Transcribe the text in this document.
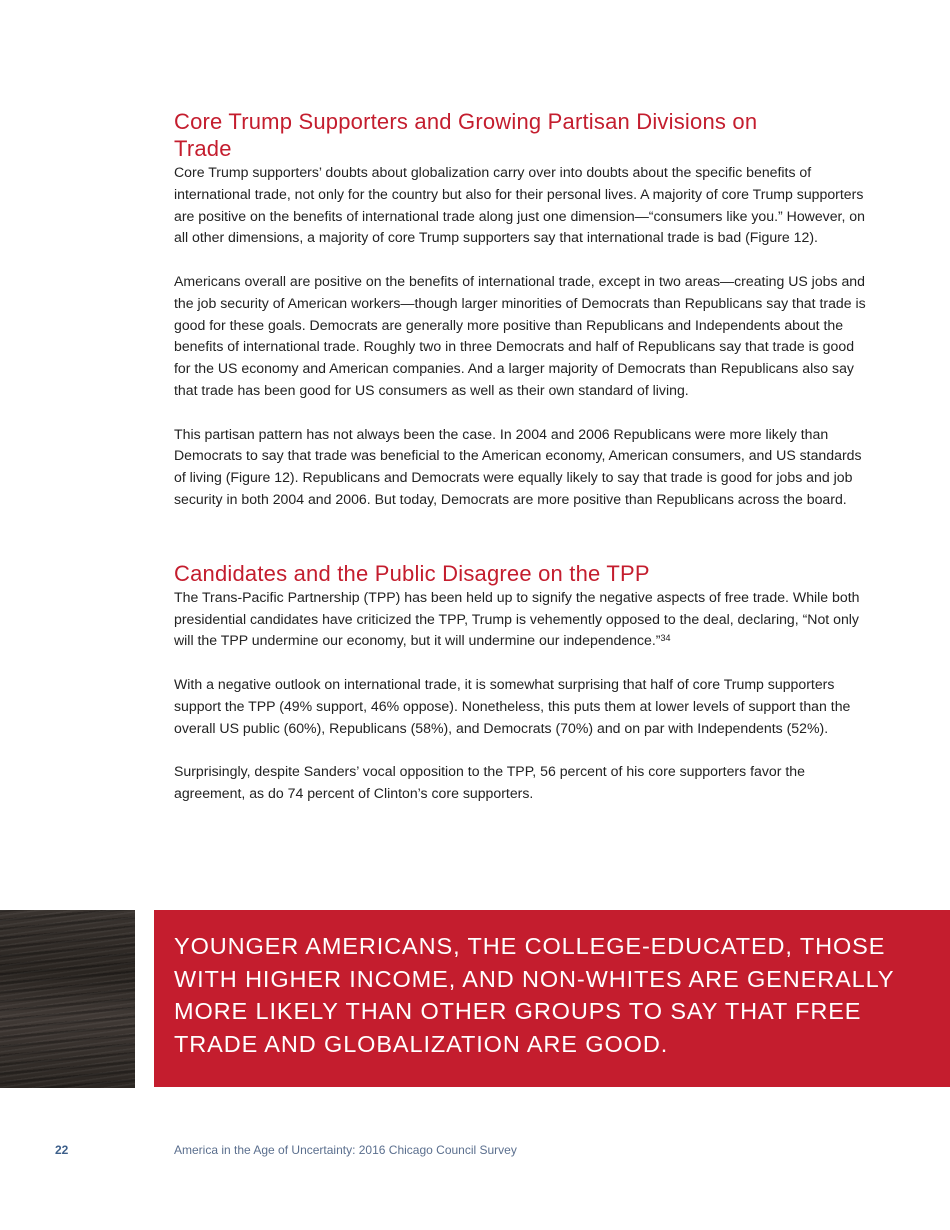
Core Trump Supporters and Growing Partisan Divisions on Trade

Core Trump supporters’ doubts about globalization carry over into doubts about the specific benefits of international trade, not only for the country but also for their personal lives. A majority of core Trump supporters are positive on the benefits of international trade along just one dimension—“consumers like you.” However, on all other dimensions, a majority of core Trump supporters say that international trade is bad (Figure 12).

Americans overall are positive on the benefits of international trade, except in two areas—creating US jobs and the job security of American workers—though larger minorities of Democrats than Republicans say that trade is good for these goals. Democrats are generally more positive than Republicans and Independents about the benefits of international trade. Roughly two in three Democrats and half of Republicans say that trade is good for the US economy and American companies. And a larger majority of Democrats than Republicans also say that trade has been good for US consumers as well as their own standard of living.

This partisan pattern has not always been the case. In 2004 and 2006 Republicans were more likely than Democrats to say that trade was beneficial to the American economy, American consumers, and US standards of living (Figure 12). Republicans and Democrats were equally likely to say that trade is good for jobs and job security in both 2004 and 2006. But today, Democrats are more positive than Republicans across the board.

Candidates and the Public Disagree on the TPP

The Trans-Pacific Partnership (TPP) has been held up to signify the negative aspects of free trade. While both presidential candidates have criticized the TPP, Trump is vehemently opposed to the deal, declaring, “Not only will the TPP undermine our economy, but it will undermine our independence.”$^{34}$

With a negative outlook on international trade, it is somewhat surprising that half of core Trump supporters support the TPP (49% support, 46% oppose). Nonetheless, this puts them at lower levels of support than the overall US public (60%), Republicans (58%), and Democrats (70%) and on par with Independents (52%).

Surprisingly, despite Sanders’ vocal opposition to the TPP, 56 percent of his core supporters favor the agreement, as do 74 percent of Clinton’s core supporters.

YOUNGER AMERICANS, THE COLLEGE-EDUCATED, THOSE WITH HIGHER INCOME, AND NON-WHITES ARE GENERALLY MORE LIKELY THAN OTHER GROUPS TO SAY THAT FREE TRADE AND GLOBALIZATION ARE GOOD.

22	America in the Age of Uncertainty: 2016 Chicago Council Survey
